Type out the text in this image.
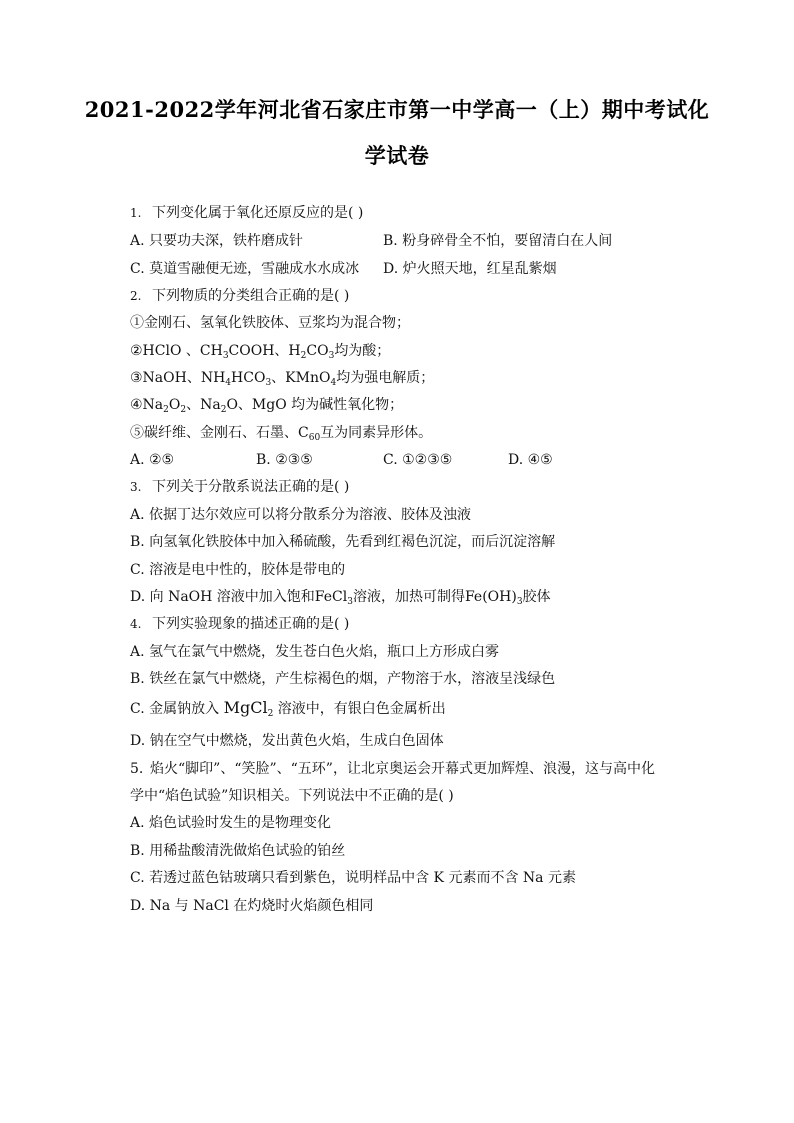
2021-2022学年河北省石家庄市第一中学高一（上）期中考试化
学试卷
1. 下列变化属于氧化还原反应的是( )
A. 只要功夫深，铁杵磨成针	B. 粉身碎骨全不怕，要留清白在人间
C. 莫道雪融便无迹，雪融成水水成冰 D. 炉火照天地，红星乱紫烟
2. 下列物质的分类组合正确的是( )
①金刚石、氢氧化铁胶体、豆浆均为混合物；
②HClO 、$CH_3COOH$、$H_2CO_3$均为酸；
③NaOH、$NH_4HCO_3$、KMnO$_4$均为强电解质；
$④Na_2O_2$、$Na_2O$、MgO 均为碱性氧化物；
⑤碳纤维、金刚石、石墨、$C_{60}$互为同素异形体。
A. ②⑤	B. ②③⑤	C. ①②③⑤	D. ④⑤
3. 下列关于分散系说法正确的是( )
A. 依据丁达尔效应可以将分散系分为溶液、胶体及浊液
B. 向氢氧化铁胶体中加入稀硫酸，先看到红褐色沉淀，而后沉淀溶解
C. 溶液是电中性的，胶体是带电的
D. 向 NaOH 溶液中加入饱和FeCl$_3$溶液，加热可制得$Fe(OH)_3$胶体
4. 下列实验现象的描述正确的是( )
A. 氢气在氯气中燃烧，发生苍白色火焰，瓶口上方形成白雾
B. 铁丝在氯气中燃烧，产生棕褐色的烟，产物溶于水，溶液呈浅绿色
C. 金属钠放入 MgCl$_2$ 溶液中，有银白色金属析出
D. 钠在空气中燃烧，发出黄色火焰，生成白色固体
5. 焰火“脚印”、“笑脸”、“五环”，让北京奥运会开幕式更加辉煌、浪漫，这与高中化
学中“焰色试验”知识相关。下列说法中不正确的是( )
A. 焰色试验时发生的是物理变化
B. 用稀盐酸清洗做焰色试验的铂丝
C. 若透过蓝色钴玻璃只看到紫色，说明样品中含 K 元素而不含 Na 元素
D. Na 与 NaCl 在灼烧时火焰颜色相同
